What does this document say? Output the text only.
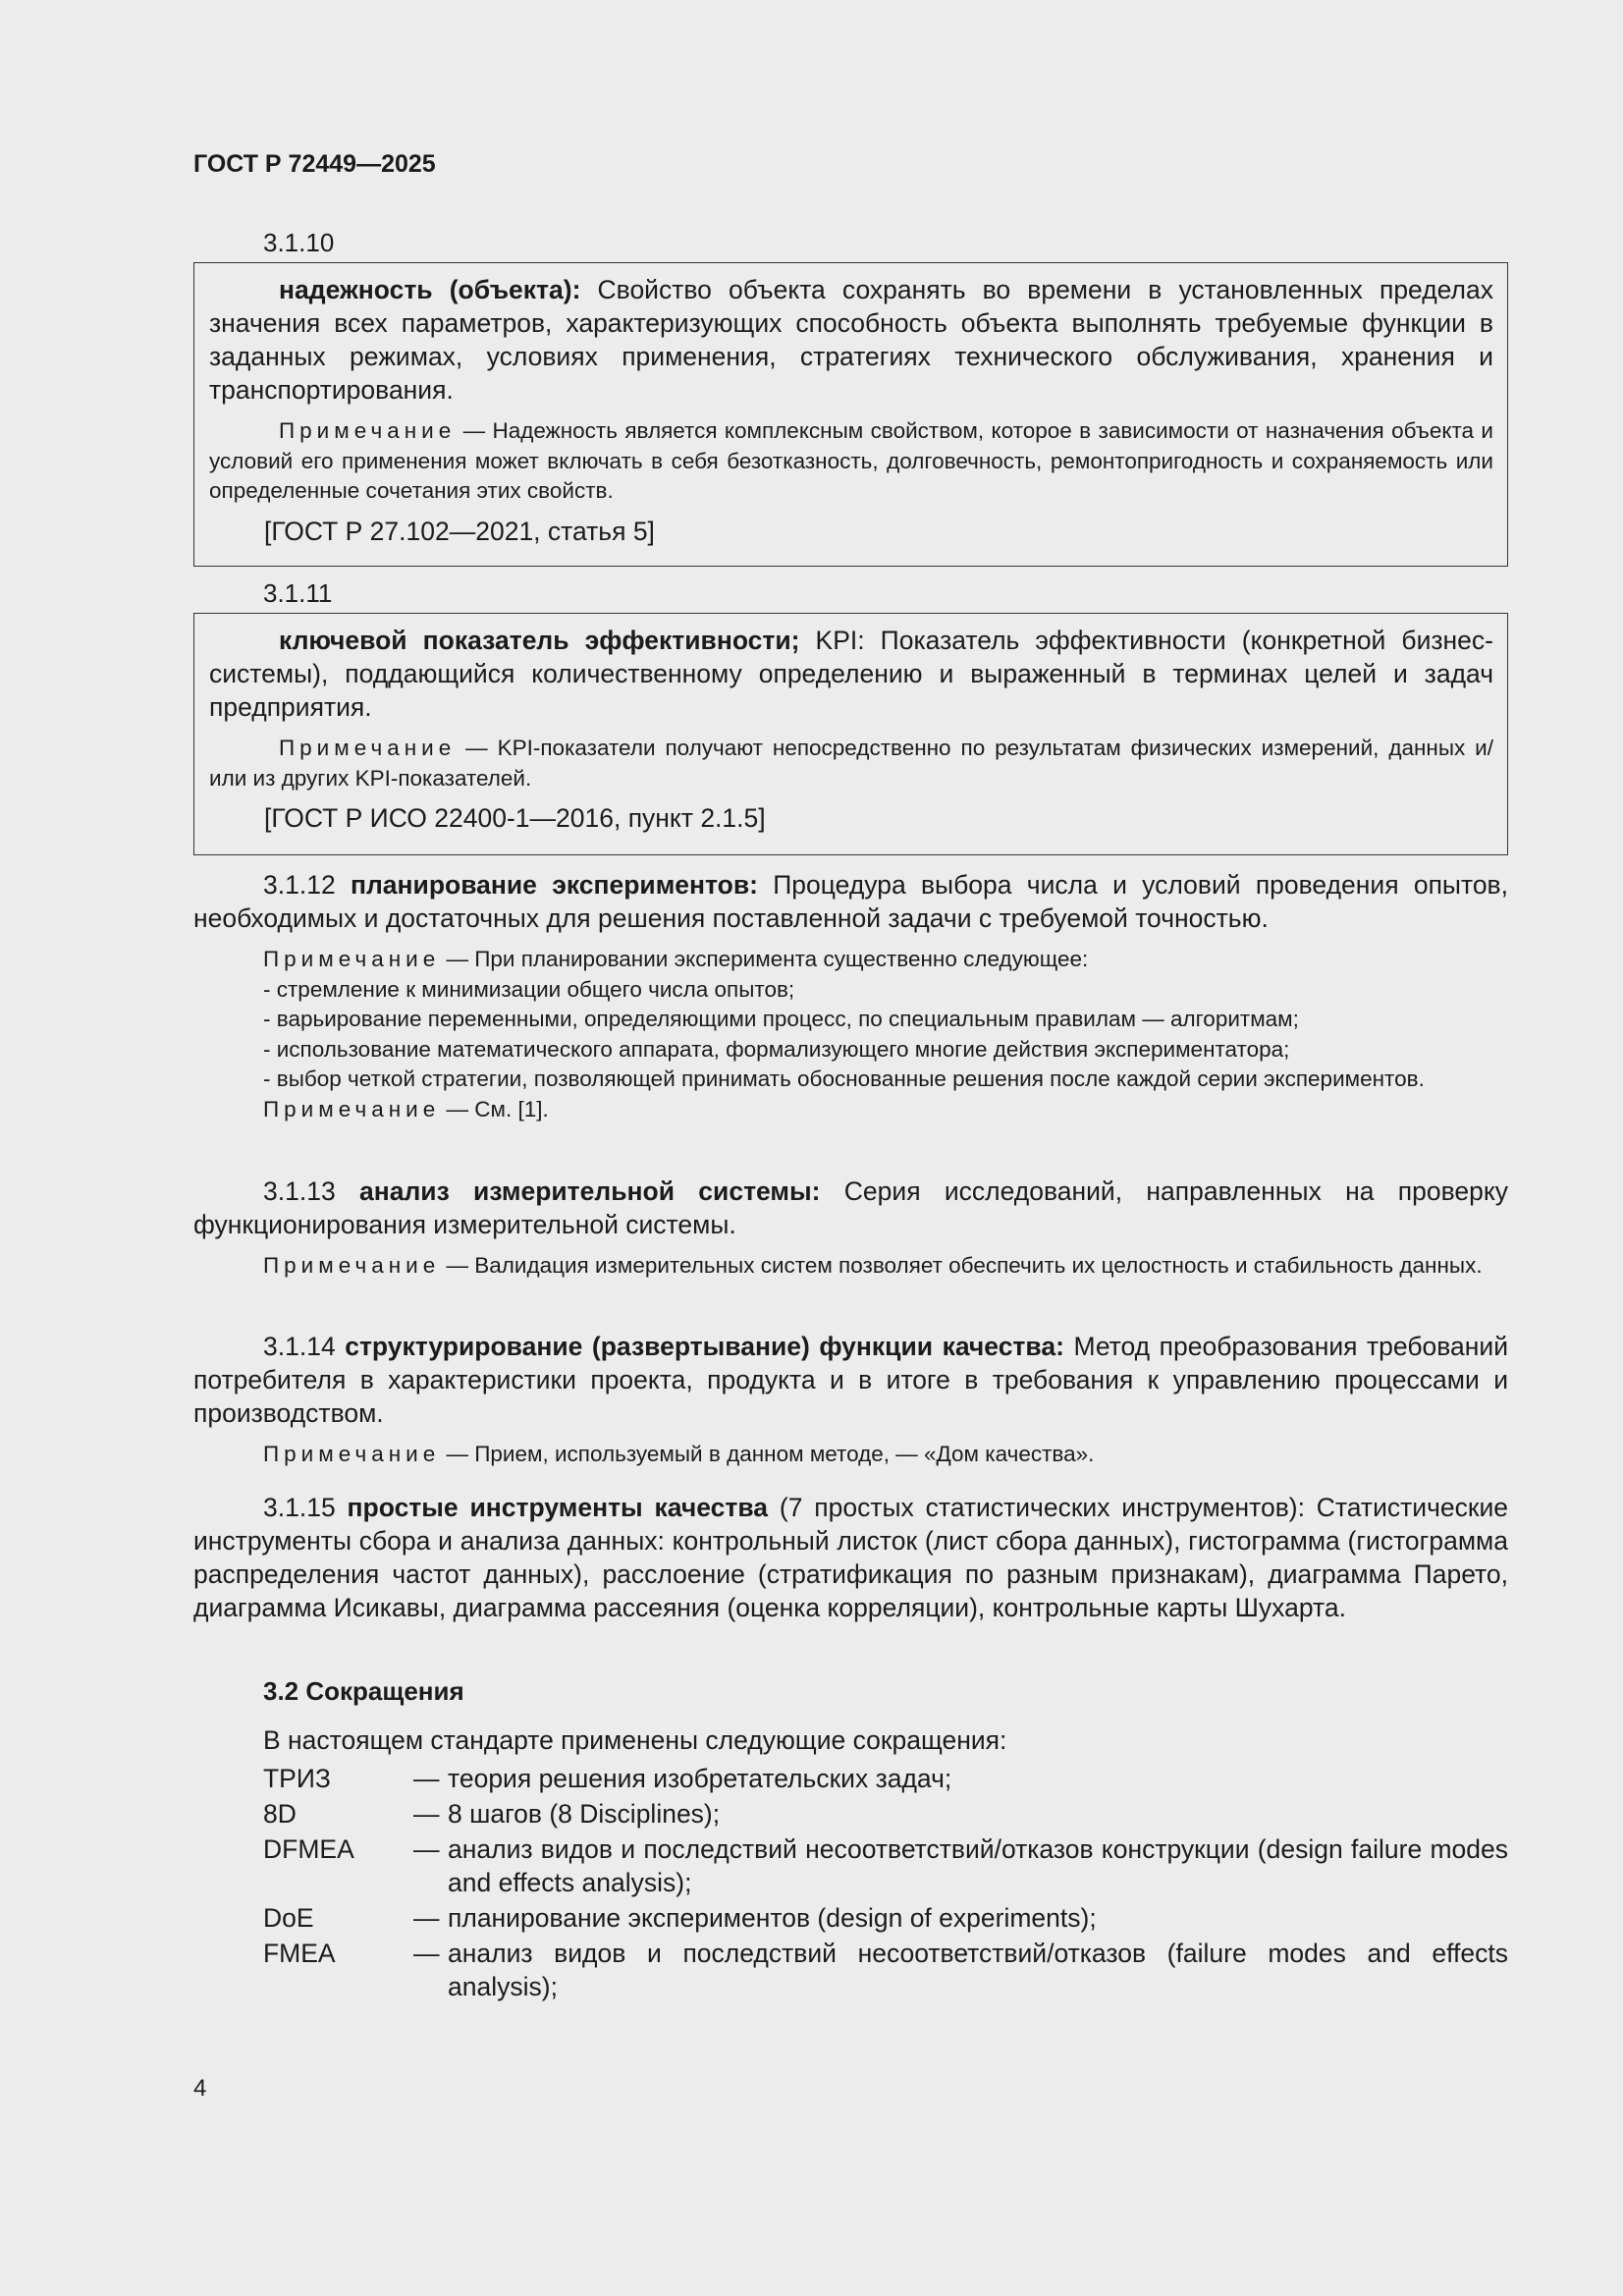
ГОСТ Р 72449—2025
3.1.10

надежность (объекта): Свойство объекта сохранять во времени в установленных пределах значения всех параметров, характеризующих способность объекта выполнять требуемые функции в заданных режимах, условиях применения, стратегиях технического обслуживания, хранения и транспортирования.

Примечание — Надежность является комплексным свойством, которое в зависимости от назначения объекта и условий его применения может включать в себя безотказность, долговечность, ремонтопригодность и сохраняемость или определенные сочетания этих свойств.

[ГОСТ Р 27.102—2021, статья 5]

3.1.11

ключевой показатель эффективности; KPI: Показатель эффективности (конкретной бизнес-системы), поддающийся количественному определению и выраженный в терминах целей и задач предприятия.

Примечание — KPI-показатели получают непосредственно по результатам физических измерений, данных и/или из других KPI-показателей.

[ГОСТ Р ИСО 22400-1—2016, пункт 2.1.5]

3.1.12 планирование экспериментов: Процедура выбора числа и условий проведения опытов, необходимых и достаточных для решения поставленной задачи с требуемой точностью.

Примечание — При планировании эксперимента существенно следующее:
- стремление к минимизации общего числа опытов;
- варьирование переменными, определяющими процесс, по специальным правилам — алгоритмам;
- использование математического аппарата, формализующего многие действия экспериментатора;
- выбор четкой стратегии, позволяющей принимать обоснованные решения после каждой серии экспериментов.
Примечание — См. [1].

3.1.13 анализ измерительной системы: Серия исследований, направленных на проверку функционирования измерительной системы.

Примечание — Валидация измерительных систем позволяет обеспечить их целостность и стабильность данных.

3.1.14 структурирование (развертывание) функции качества: Метод преобразования требований потребителя в характеристики проекта, продукта и в итоге в требования к управлению процессами и производством.

Примечание — Прием, используемый в данном методе, — «Дом качества».

3.1.15 простые инструменты качества (7 простых статистических инструментов): Статистические инструменты сбора и анализа данных: контрольный листок (лист сбора данных), гистограмма (гистограмма распределения частот данных), расслоение (стратификация по разным признакам), диаграмма Парето, диаграмма Исикавы, диаграмма рассеяния (оценка корреляции), контрольные карты Шухарта.

3.2 Сокращения
В настоящем стандарте применены следующие сокращения:
ТРИЗ	— теория решения изобретательских задач;
8D	— 8 шагов (8 Disciplines);
DFMEA — анализ видов и последствий несоответствий/отказов конструкции (design failure modes and effects analysis);
DoE	— планирование экспериментов (design of experiments);
FMEA	— анализ видов и последствий несоответствий/отказов (failure modes and effects analysis);
4
